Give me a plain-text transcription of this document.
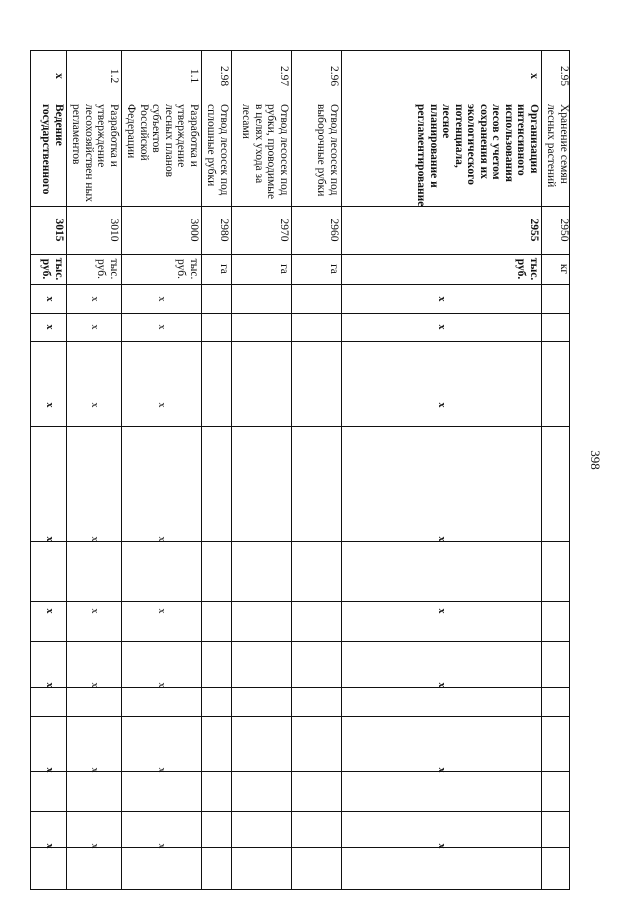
398
2.95
Хранение семян лесных растений
2950
кг
x
Организация интенсивного использования лесов с учетом сохранения их экологического потенциала, лесное планирование и регламентирование
2955
тыс. руб.
x
x
x
x
x
x
x
x
2.96
Отвод лесосек под выборочные рубки
2960
га
2.97
Отвод лесосек под рубки, проводимые в целях ухода за лесами
2970
га
2.98
Отвод лесосек под сплошные рубки
2980
га
1.1
Разработка и утверждение лесных планов субъектов Российской Федерации
3000
тыс. руб.
x
x
x
x
x
x
x
x
1.2
Разработка и утверждение лесохозяйствен ных регламентов
3010
тыс. руб.
x
x
x
x
x
x
x
x
x
Ведение государственного
3015
тыс. руб.
x
x
x
x
x
x
x
x
